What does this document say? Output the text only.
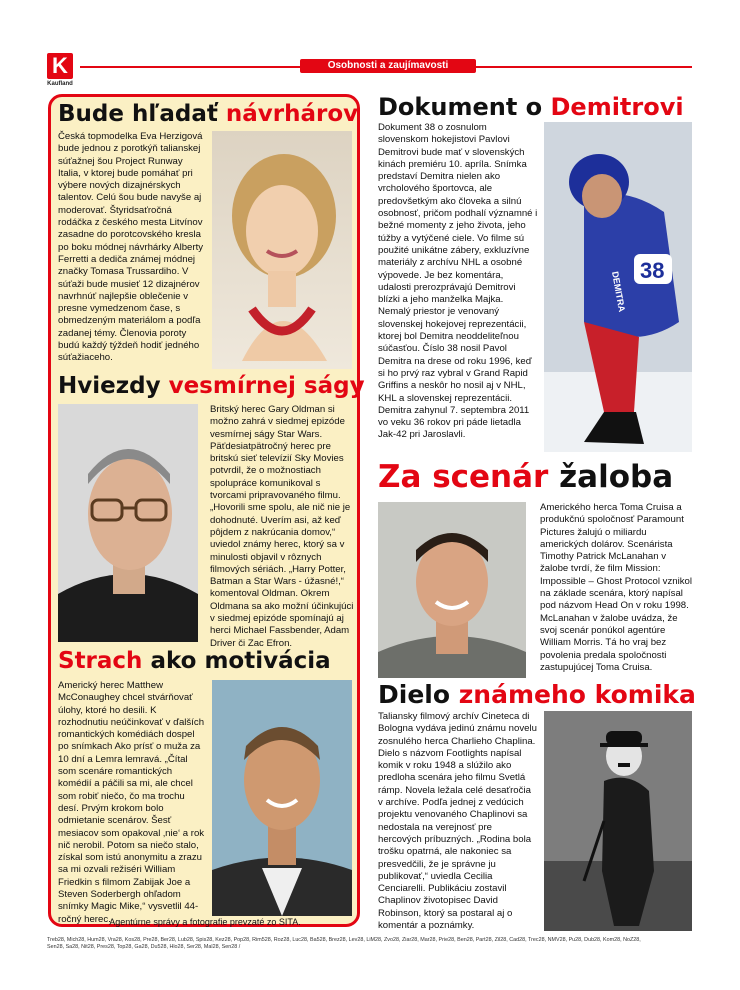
K
Kaufland
Osobnosti a zaujímavosti
Bude hľadať návrhárov

Česká topmodelka Eva Herzigová bude jednou z porotkýň talianskej súťažnej šou Project Runway Italia, v ktorej bude pomáhať pri výbere nových dizajnérskych talentov. Celú šou bude navyše aj moderovať. Štyridsaťročná rodáčka z českého mesta Litvínov zasadne do porotcovského kresla po boku módnej návrhárky Alberty Ferretti a dediča známej módnej značky Tomasa Trussardiho. V súťaži bude musieť 12 dizajnérov navrhnúť najlepšie oblečenie v presne vymedzenom čase, s obmedzeným materiálom a podľa zadanej témy. Členovia poroty budú každý týždeň hodiť jedného súťažiaceho.

Hviezdy vesmírnej ságy

Britský herec Gary Oldman si možno zahrá v siedmej epizóde vesmírnej ságy Star Wars. Päťdesiatpätročný herec pre britskú sieť televízií Sky Movies potvrdil, že o možnostiach spolupráce komunikoval s tvorcami pripravovaného filmu. „Hovorili sme spolu, ale nič nie je dohodnuté. Uverím asi, až keď pôjdem z nakrúcania domov,“ uviedol známy herec, ktorý sa v minulosti objavil v rôznych filmových sériách. „Harry Potter, Batman a Star Wars - úžasné!,“ komentoval Oldman. Okrem Oldmana sa ako možní účinkujúci v siedmej epizóde spomínajú aj herci Michael Fassbender, Adam Driver či Zac Efron.

Strach ako motivácia

Americký herec Matthew McConaughey chcel stvárňovať úlohy, ktoré ho desili. K rozhodnutiu neúčinkovať v ďalších romantických komédiách dospel po snímkach Ako prísť o muža za 10 dní a Lemra lemravá. „Čítal som scenáre romantických komédií a páčili sa mi, ale chcel som robiť niečo, čo ma trochu desí. Prvým krokom bolo odmietanie scenárov. Šesť mesiacov som opakoval ‚nie‘ a rok nič nerobil. Potom sa niečo stalo, získal som istú anonymitu a zrazu sa mi ozvali režiséri William Friedkin s filmom Zabijak Joe a Steven Soderbergh ohľadom snímky Magic Mike,“ vysvetlil 44-ročný herec.

Agentúrne správy a fotografie prevzaté zo SITA.
Dokument o Demitrovi

Dokument 38 o zosnulom slovenskom hokejistovi Pavlovi Demitrovi bude mať v slovenských kinách premiéru 10. apríla. Snímka predstaví Demitra nielen ako vrcholového športovca, ale predovšetkým ako človeka a silnú osobnosť, pričom podhalí významné i bežné momenty z jeho života, jeho túžby a vytýčené ciele. Vo filme sú použité unikátne zábery, exkluzívne materiály z archívu NHL a osobné výpovede. Je bez komentára, udalosti prerozprávajú Demitrovi blízki a jeho manželka Majka. Nemalý priestor je venovaný slovenskej hokejovej reprezentácii, ktorej bol Demitra neoddeliteľnou súčasťou. Číslo 38 nosil Pavol Demitra na drese od roku 1996, keď si ho prvý raz vybral v Grand Rapid Griffins a neskôr ho nosil aj v NHL, KHL a slovenskej reprezentácii. Demitra zahynul 7. septembra 2011 vo veku 36 rokov pri páde lietadla Jak-42 pri Jaroslavli.

DEMITRA
38
Za scenár žaloba

Amerického herca Toma Cruisa a produkčnú spoločnosť Paramount Pictures žalujú o miliardu amerických dolárov. Scenárista Timothy Patrick McLanahan v žalobe tvrdí, že film Mission: Impossible – Ghost Protocol vznikol na základe scenára, ktorý napísal pod názvom Head On v roku 1998. McLanahan v žalobe uvádza, že svoj scenár ponúkol agentúre William Morris. Tá ho vraj bez povolenia predala spoločnosti zastupujúcej Toma Cruisa.

Dielo známeho komika

Taliansky filmový archív Cineteca di Bologna vydáva jedinú známu novelu zosnulého herca Charlieho Chaplina. Dielo s názvom Footlights napísal komik v roku 1948 a slúžilo ako predloha scenára jeho filmu Svetlá rámp. Novela ležala celé desaťročia v archíve. Podľa jednej z vedúcich projektu venovaného Chaplinovi sa nedostala na verejnosť pre hercových príbuzných. „Rodina bola trošku opatrná, ale nakoniec sa presvedčili, že je správne ju publikovať,“ uviedla Cecilia Cenciarelli. Publikáciu zostavil Chaplinov životopisec David Robinson, ktorý sa postaral aj o komentár a poznámky.

Treb28, Mich28, Hum28, Vra28, Kos28, Pre28, Ber28, Lub28, Spis28, Kez28, Pop28, Rim528, Roz28, Luc28, Ba528, Brez28, Lev28, LiM28, Zvo28, Ziar28, Mar28, Prie28, Ben28, Part28, Zil28, Cad28, Trec28, NMV28, Pu28, Dub28, Kom28, NoZ28,
Sen28, Sa28, Nit28, Pres28, Top28, Ga28, Du528, Hlo28, Ser28, Mal28, Sen28 /
